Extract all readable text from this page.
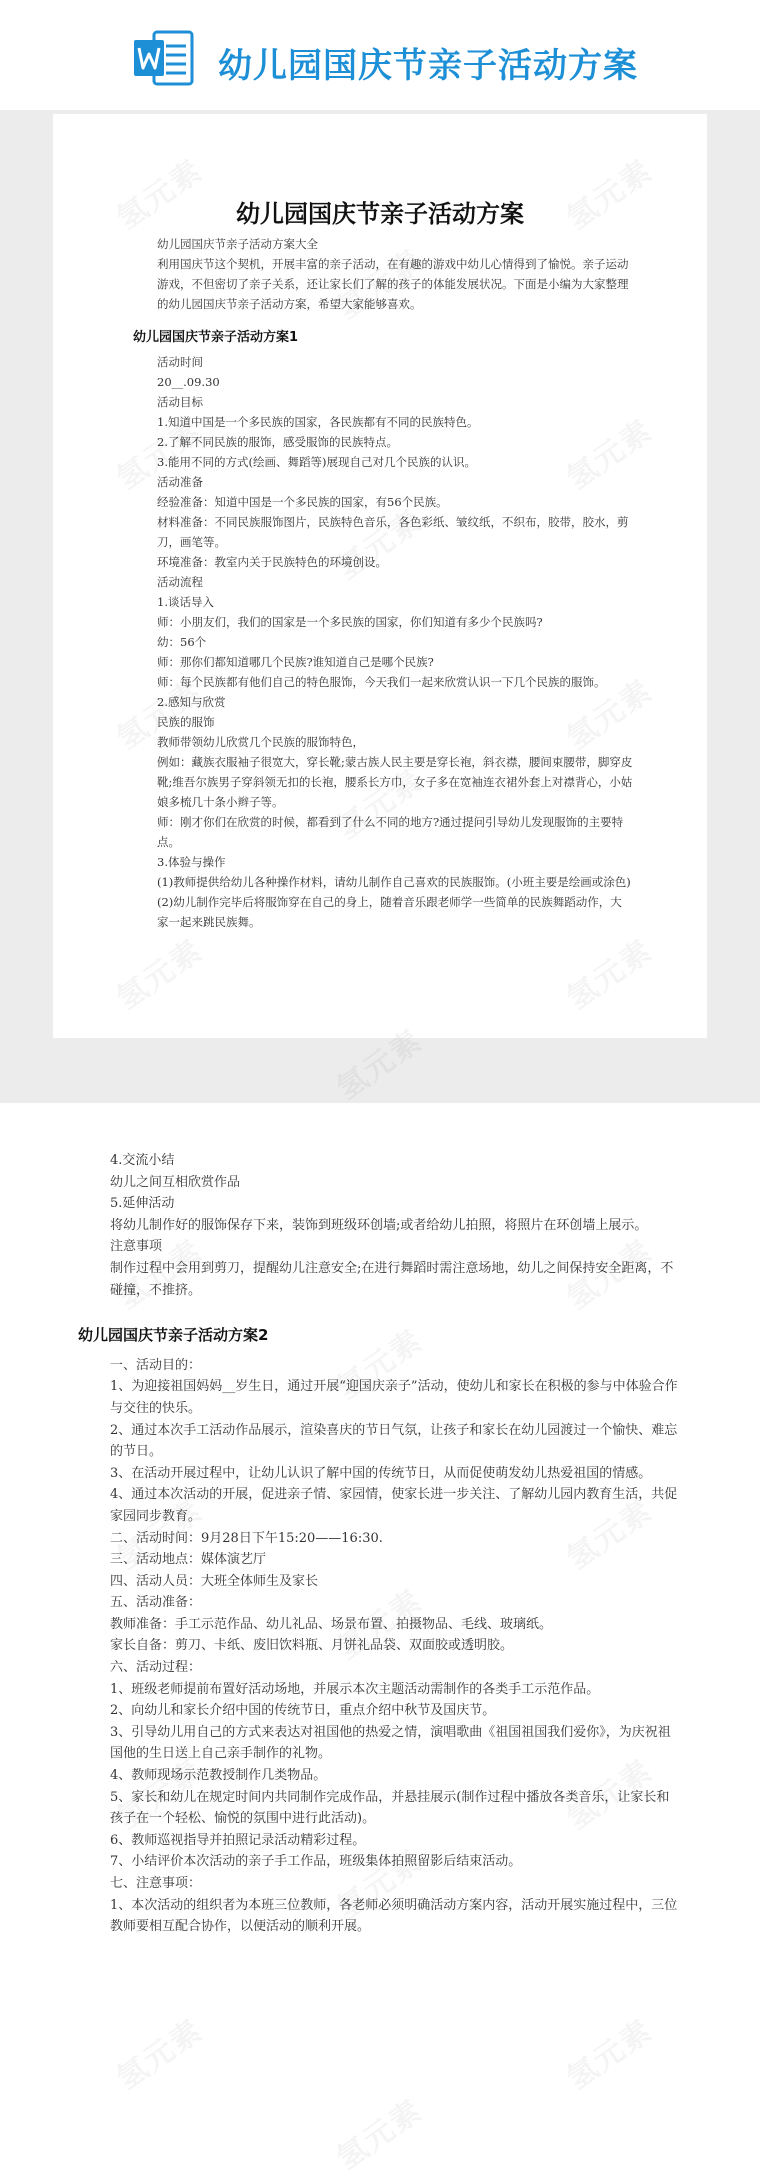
幼儿园国庆节亲子活动方案
幼儿园国庆节亲子活动方案
幼儿园国庆节亲子活动方案大全
利用国庆节这个契机，开展丰富的亲子活动，在有趣的游戏中幼儿心情得到了愉悦。亲子运动游戏，不但密切了亲子关系，还让家长们了解的孩子的体能发展状况。下面是小编为大家整理的幼儿园国庆节亲子活动方案，希望大家能够喜欢。
幼儿园国庆节亲子活动方案1
活动时间
20__.09.30
活动目标
1.知道中国是一个多民族的国家，各民族都有不同的民族特色。
2.了解不同民族的服饰，感受服饰的民族特点。
3.能用不同的方式(绘画、舞蹈等)展现自己对几个民族的认识。
活动准备
经验准备：知道中国是一个多民族的国家，有56个民族。
材料准备：不同民族服饰图片，民族特色音乐，各色彩纸、皱纹纸，不织布，胶带，胶水，剪刀，画笔等。
环境准备：教室内关于民族特色的环境创设。
活动流程
1.谈话导入
师：小朋友们，我们的国家是一个多民族的国家，你们知道有多少个民族吗?
幼：56个
师：那你们都知道哪几个民族?谁知道自己是哪个民族?
师：每个民族都有他们自己的特色服饰，今天我们一起来欣赏认识一下几个民族的服饰。
2.感知与欣赏
民族的服饰
教师带领幼儿欣赏几个民族的服饰特色，
例如：藏族衣服袖子很宽大，穿长靴;蒙古族人民主要是穿长袍，斜衣襟，腰间束腰带，脚穿皮靴;维吾尔族男子穿斜领无扣的长袍，腰系长方巾，女子多在宽袖连衣裙外套上对襟背心，小姑娘多梳几十条小辫子等。
师：刚才你们在欣赏的时候，都看到了什么不同的地方?通过提问引导幼儿发现服饰的主要特点。
3.体验与操作
(1)教师提供给幼儿各种操作材料，请幼儿制作自己喜欢的民族服饰。(小班主要是绘画或涂色)
(2)幼儿制作完毕后将服饰穿在自己的身上，随着音乐跟老师学一些简单的民族舞蹈动作，大家一起来跳民族舞。
4.交流小结
幼儿之间互相欣赏作品
5.延伸活动
将幼儿制作好的服饰保存下来，装饰到班级环创墙;或者给幼儿拍照，将照片在环创墙上展示。
注意事项
制作过程中会用到剪刀，提醒幼儿注意安全;在进行舞蹈时需注意场地，幼儿之间保持安全距离，不碰撞，不推挤。
幼儿园国庆节亲子活动方案2
一、活动目的：
1、为迎接祖国妈妈__岁生日，通过开展“迎国庆亲子”活动，使幼儿和家长在积极的参与中体验合作与交往的快乐。
2、通过本次手工活动作品展示，渲染喜庆的节日气氛，让孩子和家长在幼儿园渡过一个愉快、难忘的节日。
3、在活动开展过程中，让幼儿认识了解中国的传统节日，从而促使萌发幼儿热爱祖国的情感。
4、通过本次活动的开展，促进亲子情、家园情，使家长进一步关注、了解幼儿园内教育生活，共促家园同步教育。
二、活动时间：9月28日下午15:20——16:30.
三、活动地点：媒体演艺厅
四、活动人员：大班全体师生及家长
五、活动准备：
教师准备：手工示范作品、幼儿礼品、场景布置、拍摄物品、毛线、玻璃纸。
家长自备：剪刀、卡纸、废旧饮料瓶、月饼礼品袋、双面胶或透明胶。
六、活动过程：
1、班级老师提前布置好活动场地，并展示本次主题活动需制作的各类手工示范作品。
2、向幼儿和家长介绍中国的传统节日，重点介绍中秋节及国庆节。
3、引导幼儿用自己的方式来表达对祖国他的热爱之情，演唱歌曲《祖国祖国我们爱你》，为庆祝祖国他的生日送上自己亲手制作的礼物。
4、教师现场示范教授制作几类物品。
5、家长和幼儿在规定时间内共同制作完成作品，并悬挂展示(制作过程中播放各类音乐，让家长和孩子在一个轻松、愉悦的氛围中进行此活动)。
6、教师巡视指导并拍照记录活动精彩过程。
7、小结评价本次活动的亲子手工作品，班级集体拍照留影后结束活动。
七、注意事项：
1、本次活动的组织者为本班三位教师，各老师必须明确活动方案内容，活动开展实施过程中，三位教师要相互配合协作，以便活动的顺利开展。
